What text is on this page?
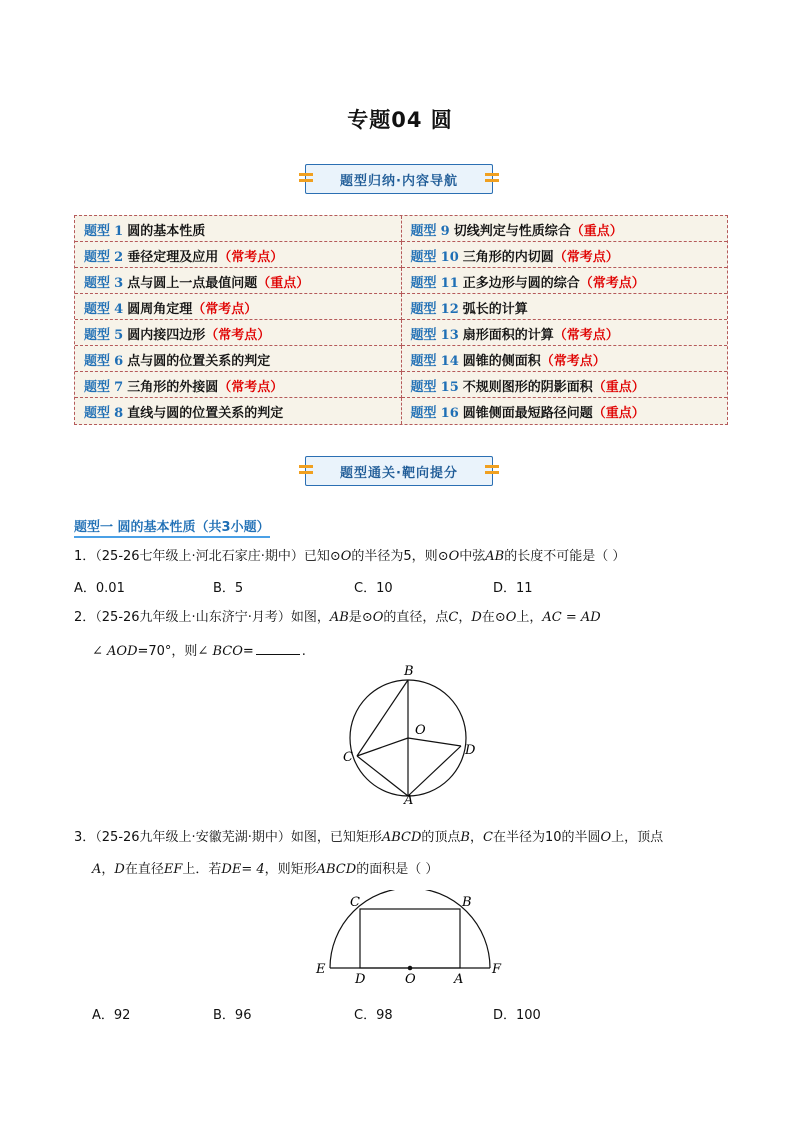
专题04 圆
题型归纳·内容导航
题型 1 圆的基本性质	题型 9 切线判定与性质综合（重点）
题型 2 垂径定理及应用（常考点）	题型 10 三角形的内切圆（常考点）
题型 3 点与圆上一点最值问题（重点）	题型 11 正多边形与圆的综合（常考点）
题型 4 圆周角定理（常考点）	题型 12 弧长的计算
题型 5 圆内接四边形（常考点）	题型 13 扇形面积的计算（常考点）
题型 6 点与圆的位置关系的判定	题型 14 圆锥的侧面积（常考点）
题型 7 三角形的外接圆（常考点）	题型 15 不规则图形的阴影面积（重点）
题型 8 直线与圆的位置关系的判定	题型 16 圆锥侧面最短路径问题（重点）
题型通关·靶向提分
题型一 圆的基本性质（共3小题）
1．（25-26七年级上·河北石家庄·期中）已知⊙O的半径为5，则⊙O中弦AB的长度不可能是（ ）
A．0.01	B．5	C．10	D．11
2．（25-26九年级上·山东济宁·月考）如图，AB是⊙O的直径，点C，D在⊙O上，AC = AD
∠ AOD=70°，则∠ BCO=	.
B
O
C	D
A
3．（25-26九年级上·安徽芜湖·期中）如图，已知矩形ABCD的顶点B，C在半径为10的半圆O上，顶点
A，D在直径EF上．若DE= 4，则矩形ABCD的面积是（ ）
C	B
E
D	O	A
F
A．92	B．96	C．98	D．100
